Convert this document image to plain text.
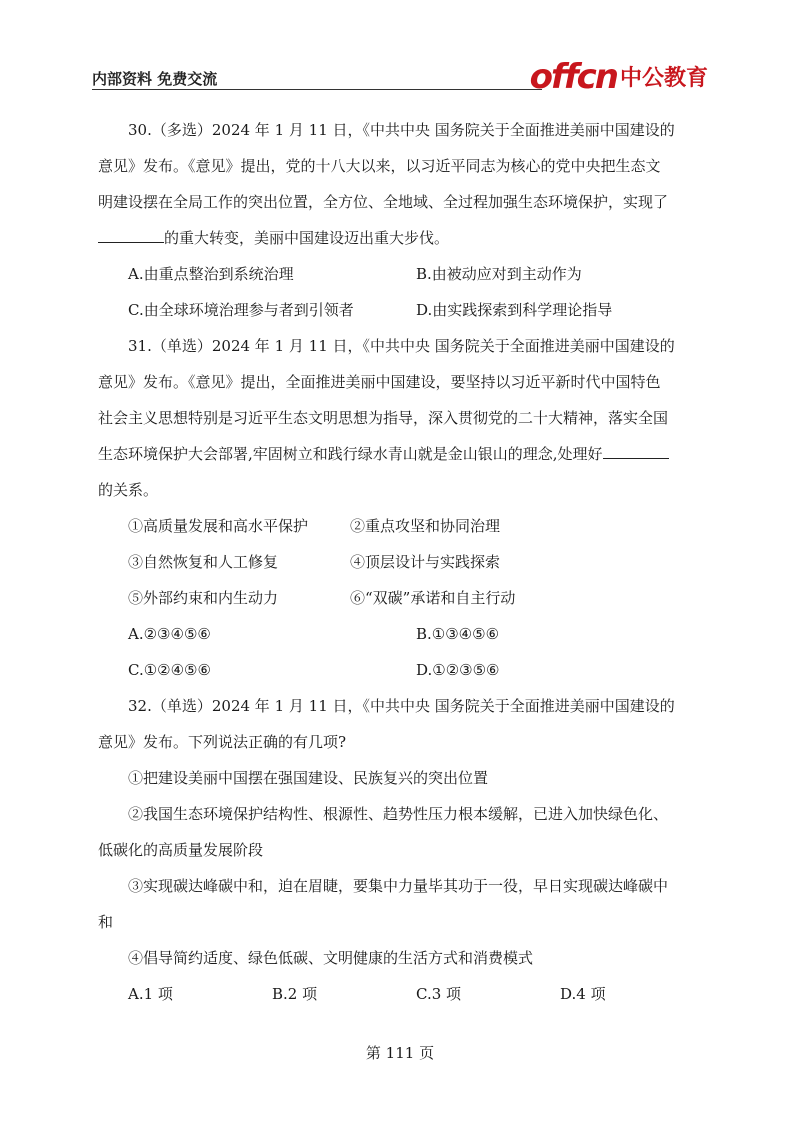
内部资料 免费交流	offcn 中公教育
30.（多选）2024 年 1 月 11 日，《中共中央 国务院关于全面推进美丽中国建设的
意见》发布。《意见》提出，党的十八大以来，以习近平同志为核心的党中央把生态文
明建设摆在全局工作的突出位置，全方位、全地域、全过程加强生态环境保护，实现了
的重大转变，美丽中国建设迈出重大步伐。
A.由重点整治到系统治理	B.由被动应对到主动作为
C.由全球环境治理参与者到引领者	D.由实践探索到科学理论指导
31.（单选）2024 年 1 月 11 日，《中共中央 国务院关于全面推进美丽中国建设的
意见》发布。《意见》提出，全面推进美丽中国建设，要坚持以习近平新时代中国特色
社会主义思想特别是习近平生态文明思想为指导，深入贯彻党的二十大精神，落实全国
生态环境保护大会部署,牢固树立和践行绿水青山就是金山银山的理念,处理好
的关系。
①高质量发展和高水平保护	②重点攻坚和协同治理
③自然恢复和人工修复	④顶层设计与实践探索
⑤外部约束和内生动力	⑥“双碳”承诺和自主行动
A.②③④⑤⑥	B.①③④⑤⑥
C.①②④⑤⑥	D.①②③⑤⑥
32.（单选）2024 年 1 月 11 日，《中共中央 国务院关于全面推进美丽中国建设的
意见》发布。下列说法正确的有几项?
①把建设美丽中国摆在强国建设、民族复兴的突出位置
②我国生态环境保护结构性、根源性、趋势性压力根本缓解，已进入加快绿色化、
低碳化的高质量发展阶段
③实现碳达峰碳中和，迫在眉睫，要集中力量毕其功于一役，早日实现碳达峰碳中
和
④倡导简约适度、绿色低碳、文明健康的生活方式和消费模式
A.1 项	B.2 项	C.3 项	D.4 项
第 111 页
